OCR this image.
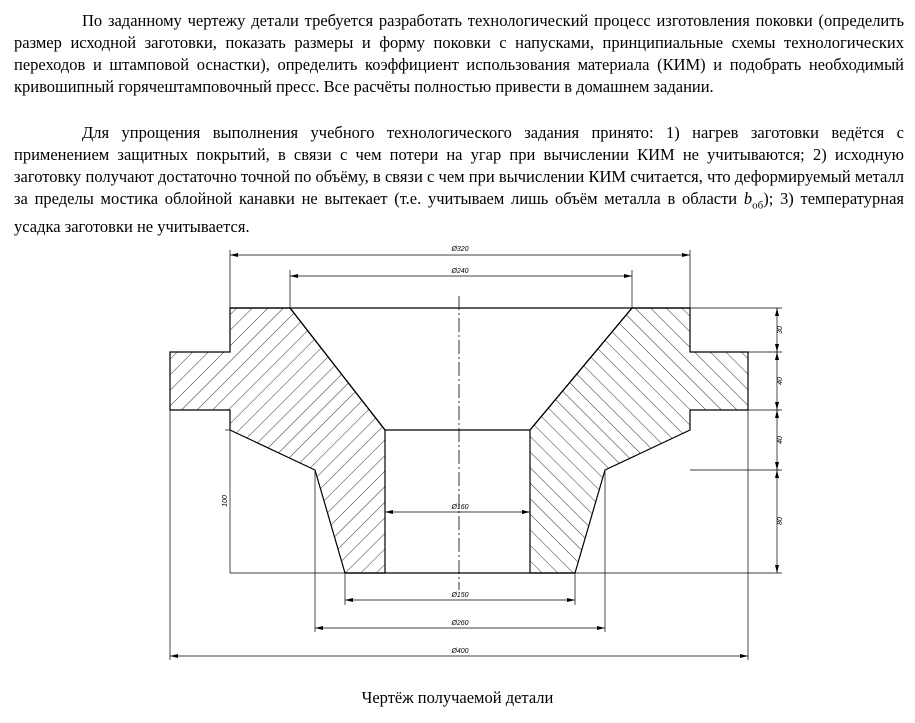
По заданному чертежу детали требуется разработать технологический процесс изготовления поковки (определить размер исходной заготовки, показать размеры и форму поковки с напусками, принципиальные схемы технологических переходов и штамповой оснастки), определить коэффициент использования материала (КИМ) и подобрать необходимый кривошипный горячештамповочный пресс. Все расчёты полностью привести в домашнем задании.

Для упрощения выполнения учебного технологического задания принято: 1) нагрев заготовки ведётся с применением защитных покрытий, в связи с чем потери на угар при вычислении КИМ не учитываются; 2) исходную заготовку получают достаточно точной по объёму, в связи с чем при вычислении КИМ считается, что деформируемый металл за пределы мостика облойной канавки не вытекает (т.е. учитываем лишь объём металла в области $b_{об}$); 3) температурная усадка заготовки не учитывается.

Ø320
Ø240
Ø160
Ø150
Ø260
Ø400
30
40
40
80
100
Чертёж получаемой детали
